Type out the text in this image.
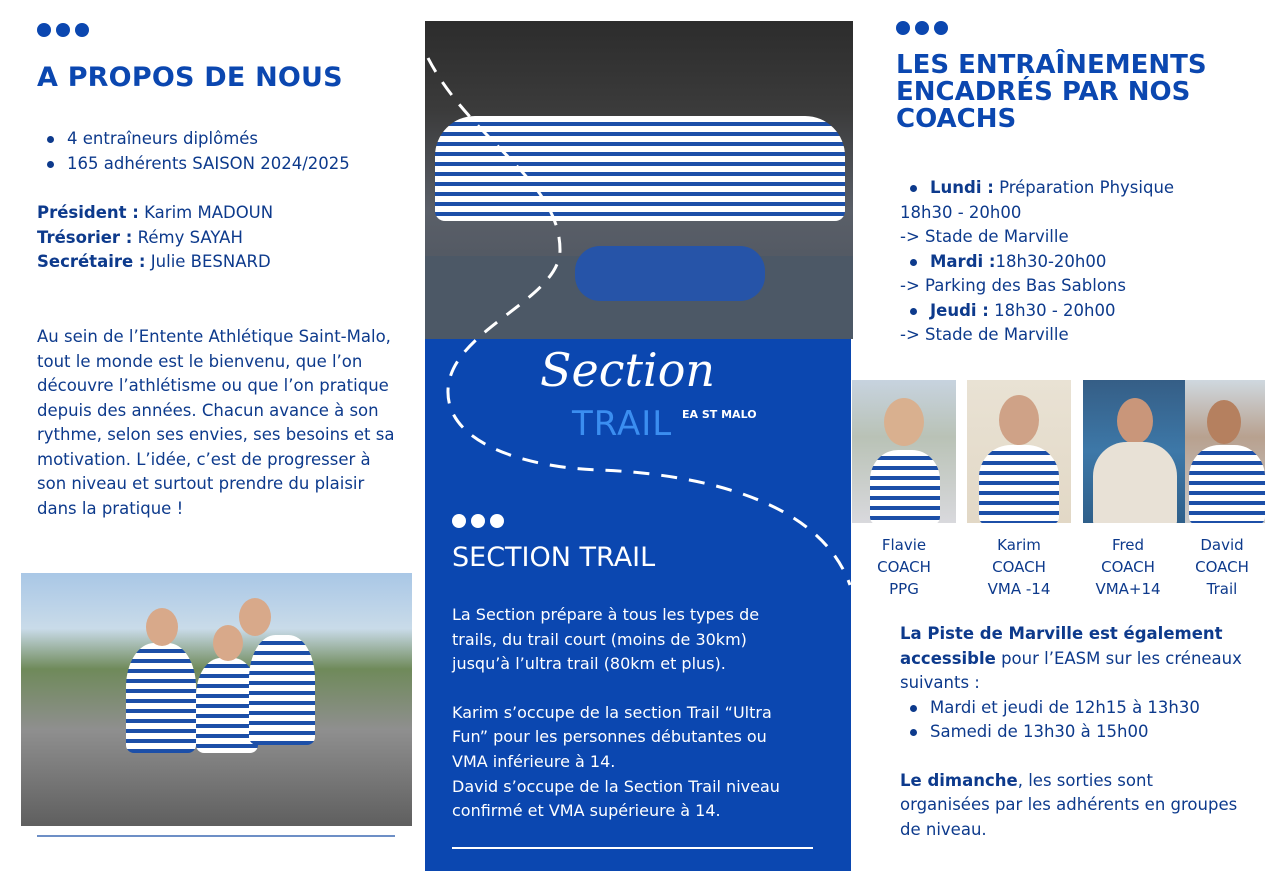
A PROPOS DE NOUS
4 entraîneurs diplômés
165 adhérents SAISON 2024/2025
Président : Karim MADOUN
Trésorier : Rémy SAYAH
Secrétaire : Julie BESNARD

Au sein de l’Entente Athlétique Saint-Malo, tout le monde est le bienvenu, que l’on découvre l’athlétisme ou que l’on pratique depuis des années. Chacun avance à son rythme, selon ses envies, ses besoins et sa motivation. L’idée, c’est de progresser à son niveau et surtout prendre du plaisir dans la pratique !

Section
TRAIL EA ST MALO
SECTION TRAIL

La Section prépare à tous les types de trails, du trail court (moins de 30km) jusqu’à l’ultra trail (80km et plus).

Karim s’occupe de la section Trail “Ultra Fun” pour les personnes débutantes ou VMA inférieure à 14.

David s’occupe de la Section Trail niveau confirmé et VMA supérieure à 14.

LES ENTRAÎNEMENTS ENCADRÉS PAR NOS COACHS
Lundi : Préparation Physique
18h30 - 20h00
-> Stade de Marville
Mardi :18h30-20h00
-> Parking des Bas Sablons
Jeudi : 18h30 - 20h00
-> Stade de Marville
Flavie
COACH
PPG
Karim
COACH
VMA -14
Fred
COACH
VMA+14
David
COACH
Trail

La Piste de Marville est également accessible pour l’EASM sur les créneaux suivants :

Mardi et jeudi de 12h15 à 13h30
Samedi de 13h30 à 15h00

Le dimanche, les sorties sont organisées par les adhérents en groupes de niveau.
